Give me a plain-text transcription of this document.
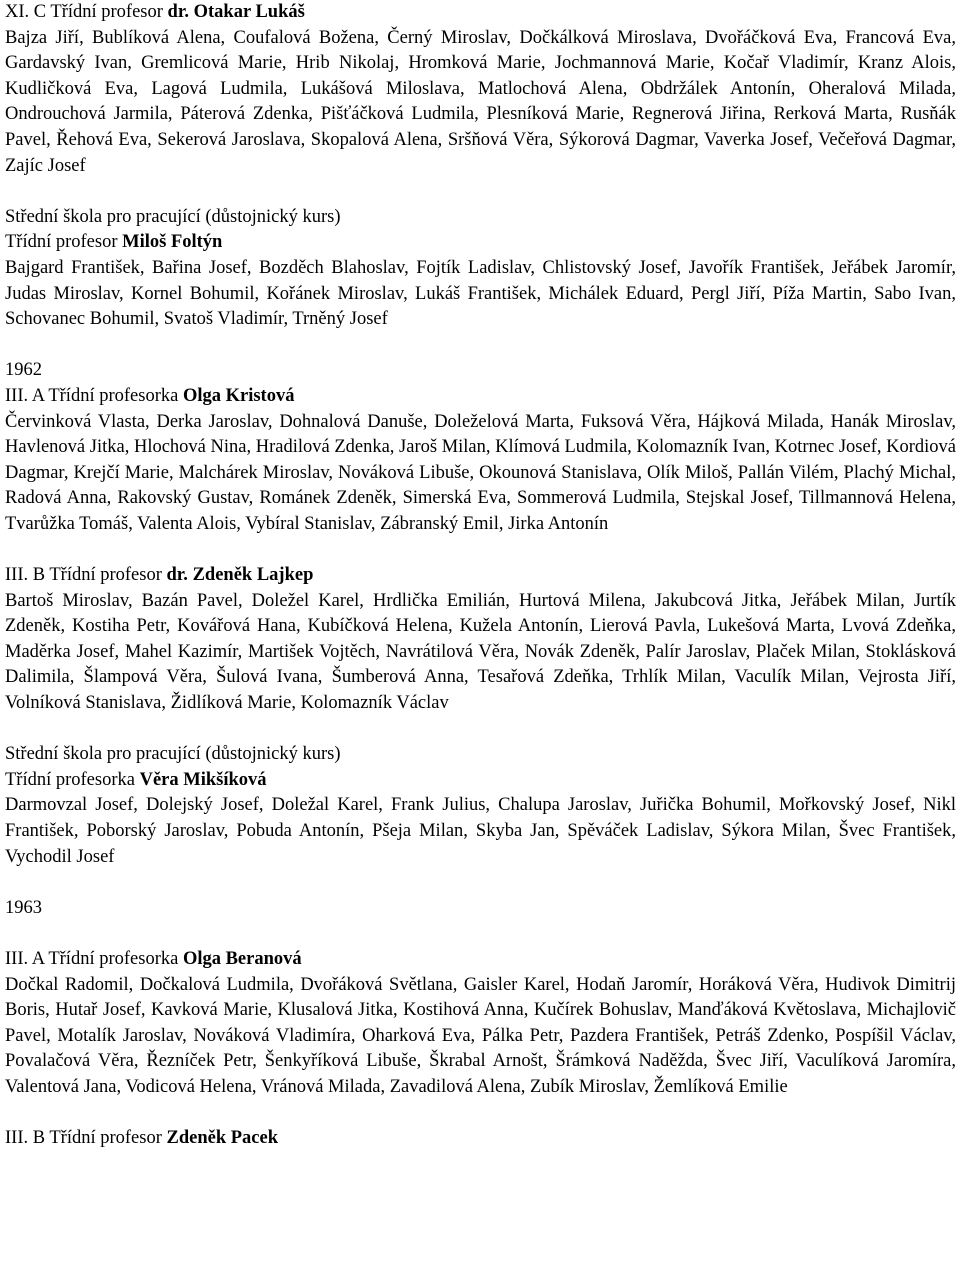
XI. C Třídní profesor dr. Otakar Lukáš

Bajza Jiří, Bublíková Alena, Coufalová Božena, Černý Miroslav, Dočkálková Miroslava, Dvořáčková Eva, Francová Eva, Gardavský Ivan, Gremlicová Marie, Hrib Nikolaj, Hromková Marie, Jochmannová Marie, Kočař Vladimír, Kranz Alois, Kudličková Eva, Lagová Ludmila, Lukášová Miloslava, Matlochová Alena, Obdržálek Antonín, Oheralová Milada, Ondrouchová Jarmila, Páterová Zdenka, Pišťáčková Ludmila, Plesníková Marie, Regnerová Jiřina, Rerková Marta, Rusňák Pavel, Řehová Eva, Sekerová Jaroslava, Skopalová Alena, Sršňová Věra, Sýkorová Dagmar, Vaverka Josef, Večeřová Dagmar, Zajíc Josef

Střední škola pro pracující (důstojnický kurs)

Třídní profesor Miloš Foltýn

Bajgard František, Bařina Josef, Bozděch Blahoslav, Fojtík Ladislav, Chlistovský Josef, Javořík František, Jeřábek Jaromír, Judas Miroslav, Kornel Bohumil, Kořánek Miroslav, Lukáš František, Michálek Eduard, Pergl Jiří, Píža Martin, Sabo Ivan, Schovanec Bohumil, Svatoš Vladimír, Trněný Josef

1962

III. A Třídní profesorka Olga Kristová

Červinková Vlasta, Derka Jaroslav, Dohnalová Danuše, Doleželová Marta, Fuksová Věra, Hájková Milada, Hanák Miroslav, Havlenová Jitka, Hlochová Nina, Hradilová Zdenka, Jaroš Milan, Klímová Ludmila, Kolomazník Ivan, Kotrnec Josef, Kordiová Dagmar, Krejčí Marie, Malchárek Miroslav, Nováková Libuše, Okounová Stanislava, Olík Miloš, Pallán Vilém, Plachý Michal, Radová Anna, Rakovský Gustav, Románek Zdeněk, Simerská Eva, Sommerová Ludmila, Stejskal Josef, Tillmannová Helena, Tvarůžka Tomáš, Valenta Alois, Vybíral Stanislav, Zábranský Emil, Jirka Antonín

III. B Třídní profesor dr. Zdeněk Lajkep

Bartoš Miroslav, Bazán Pavel, Doležel Karel, Hrdlička Emilián, Hurtová Milena, Jakubcová Jitka, Jeřábek Milan, Jurtík Zdeněk, Kostiha Petr, Kovářová Hana, Kubíčková Helena, Kužela Antonín, Lierová Pavla, Lukešová Marta, Lvová Zdeňka, Maděrka Josef, Mahel Kazimír, Martišek Vojtěch, Navrátilová Věra, Novák Zdeněk, Palír Jaroslav, Plaček Milan, Stoklásková Dalimila, Šlampová Věra, Šulová Ivana, Šumberová Anna, Tesařová Zdeňka, Trhlík Milan, Vaculík Milan, Vejrosta Jiří, Volníková Stanislava, Židlíková Marie, Kolomazník Václav

Střední škola pro pracující (důstojnický kurs)

Třídní profesorka Věra Mikšíková

Darmovzal Josef, Dolejský Josef, Doležal Karel, Frank Julius, Chalupa Jaroslav, Juřička Bohumil, Mořkovský Josef, Nikl František, Poborský Jaroslav, Pobuda Antonín, Pšeja Milan, Skyba Jan, Spěváček Ladislav, Sýkora Milan, Švec František, Vychodil Josef

1963

III. A Třídní profesorka Olga Beranová

Dočkal Radomil, Dočkalová Ludmila, Dvořáková Světlana, Gaisler Karel, Hodaň Jaromír, Horáková Věra, Hudivok Dimitrij Boris, Hutař Josef, Kavková Marie, Klusalová Jitka, Kostihová Anna, Kučírek Bohuslav, Manďáková Květoslava, Michajlovič Pavel, Motalík Jaroslav, Nováková Vladimíra, Oharková Eva, Pálka Petr, Pazdera František, Petráš Zdenko, Pospíšil Václav, Povalačová Věra, Řezníček Petr, Šenkyříková Libuše, Škrabal Arnošt, Šrámková Naděžda, Švec Jiří, Vaculíková Jaromíra, Valentová Jana, Vodicová Helena, Vránová Milada, Zavadilová Alena, Zubík Miroslav, Žemlíková Emilie

III. B Třídní profesor Zdeněk Pacek
